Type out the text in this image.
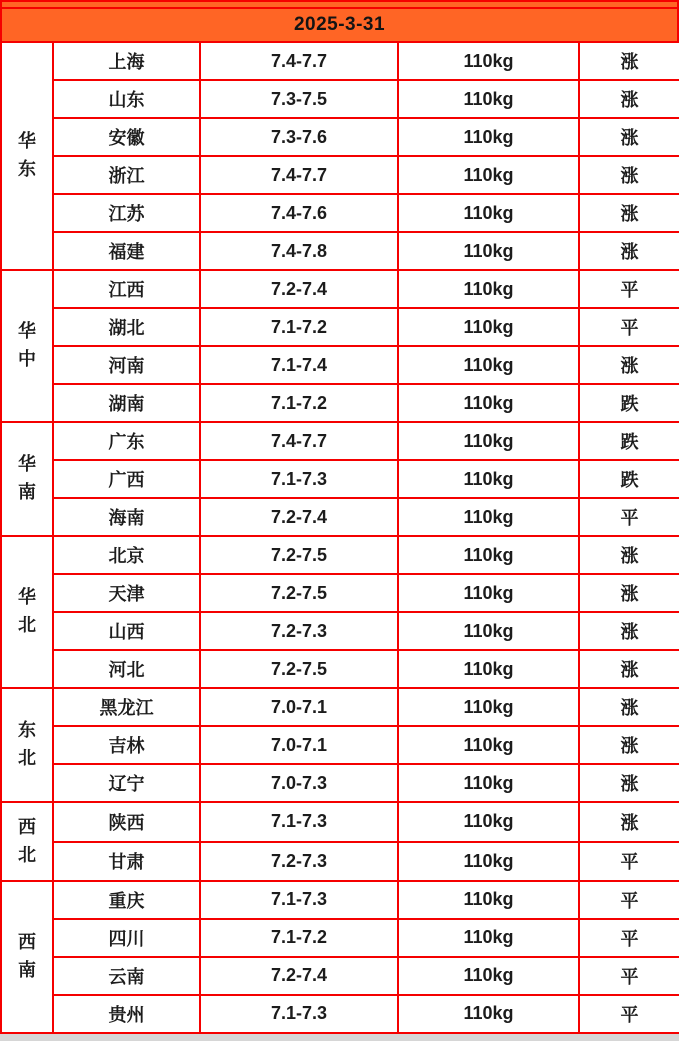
2025-3-31
华
东	上海	7.4-7.7	110kg	涨
	山东	7.3-7.5	110kg	涨
	安徽	7.3-7.6	110kg	涨
	浙江	7.4-7.7	110kg	涨
	江苏	7.4-7.6	110kg	涨
	福建	7.4-7.8	110kg	涨

华
中	江西	7.2-7.4	110kg	平
	湖北	7.1-7.2	110kg	平
	河南	7.1-7.4	110kg	涨
	湖南	7.1-7.2	110kg	跌

华
南	广东	7.4-7.7	110kg	跌
	广西	7.1-7.3	110kg	跌
	海南	7.2-7.4	110kg	平

华
北	北京	7.2-7.5	110kg	涨
	天津	7.2-7.5	110kg	涨
	山西	7.2-7.3	110kg	涨
	河北	7.2-7.5	110kg	涨

东
北	黑龙江	7.0-7.1	110kg	涨
	吉林	7.0-7.1	110kg	涨
	辽宁	7.0-7.3	110kg	涨

西
北	陕西	7.1-7.3	110kg	涨
	甘肃	7.2-7.3	110kg	平

西
南	重庆	7.1-7.3	110kg	平
	四川	7.1-7.2	110kg	平
	云南	7.2-7.4	110kg	平
	贵州	7.1-7.3	110kg	平
